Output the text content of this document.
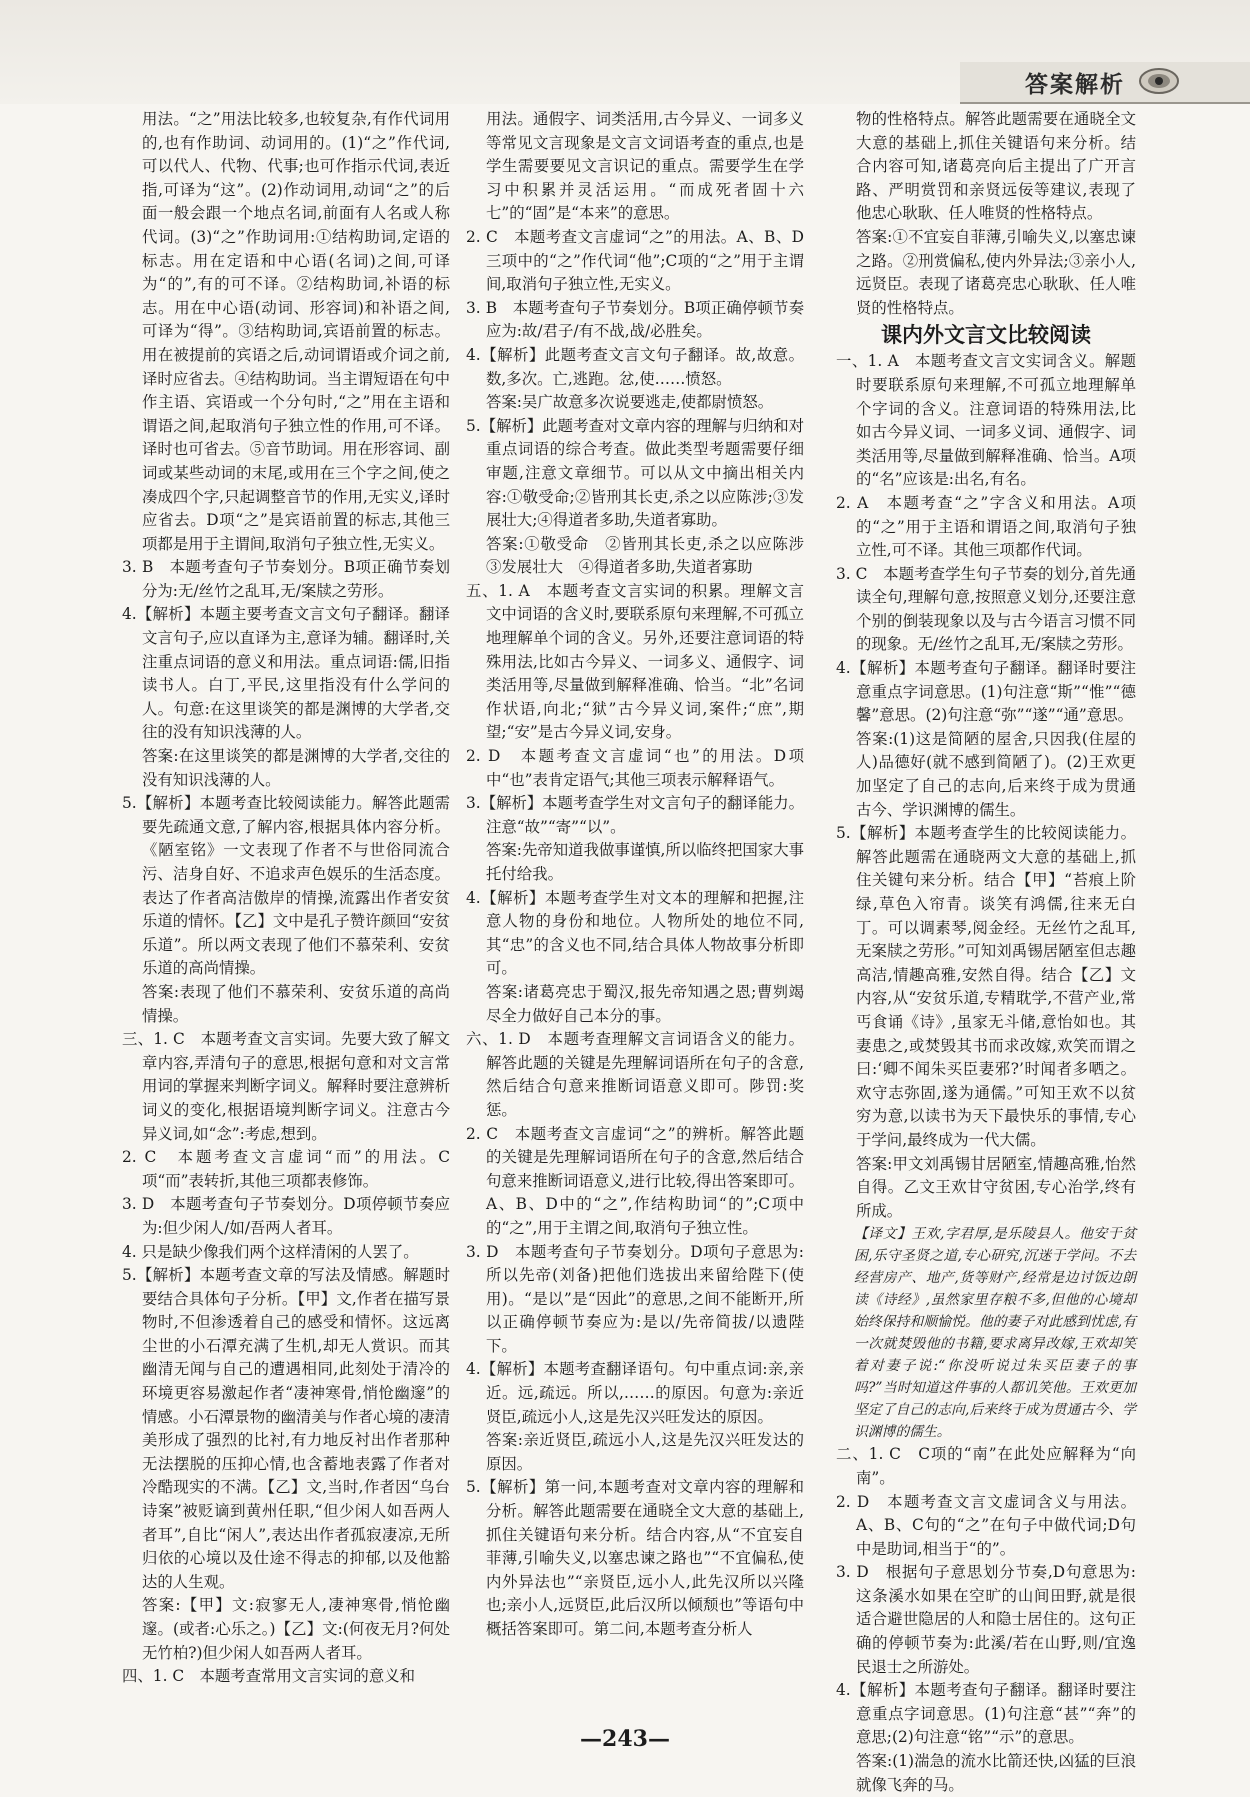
答案解析

用法。“之”用法比较多,也较复杂,有作代词用的,也有作助词、动词用的。(1)“之”作代词,可以代人、代物、代事;也可作指示代词,表近指,可译为“这”。(2)作动词用,动词“之”的后面一般会跟一个地点名词,前面有人名或人称代词。(3)“之”作助词用:①结构助词,定语的标志。用在定语和中心语(名词)之间,可译为“的”,有的可不译。②结构助词,补语的标志。用在中心语(动词、形容词)和补语之间,可译为“得”。③结构助词,宾语前置的标志。用在被提前的宾语之后,动词谓语或介词之前,译时应省去。④结构助词。当主谓短语在句中作主语、宾语或一个分句时,“之”用在主语和谓语之间,起取消句子独立性的作用,可不译。译时也可省去。⑤音节助词。用在形容词、副词或某些动词的末尾,或用在三个字之间,使之凑成四个字,只起调整音节的作用,无实义,译时应省去。D项“之”是宾语前置的标志,其他三项都是用于主谓间,取消句子独立性,无实义。

3. B　本题考查句子节奏划分。B项正确节奏划分为:无/丝竹之乱耳,无/案牍之劳形。

4.【解析】本题主要考查文言文句子翻译。翻译文言句子,应以直译为主,意译为辅。翻译时,关注重点词语的意义和用法。重点词语:儒,旧指读书人。白丁,平民,这里指没有什么学问的人。句意:在这里谈笑的都是渊博的大学者,交往的没有知识浅薄的人。

答案:在这里谈笑的都是渊博的大学者,交往的没有知识浅薄的人。

5.【解析】本题考查比较阅读能力。解答此题需要先疏通文意,了解内容,根据具体内容分析。《陋室铭》一文表现了作者不与世俗同流合污、洁身自好、不追求声色娱乐的生活态度。表达了作者高洁傲岸的情操,流露出作者安贫乐道的情怀。【乙】文中是孔子赞许颜回“安贫乐道”。所以两文表现了他们不慕荣利、安贫乐道的高尚情操。

答案:表现了他们不慕荣利、安贫乐道的高尚情操。

三、1. C　本题考查文言实词。先要大致了解文章内容,弄清句子的意思,根据句意和对文言常用词的掌握来判断字词义。解释时要注意辨析词义的变化,根据语境判断字词义。注意古今异义词,如“念”:考虑,想到。

2. C　本题考查文言虚词“而”的用法。C项“而”表转折,其他三项都表修饰。

3. D　本题考查句子节奏划分。D项停顿节奏应为:但少闲人/如/吾两人者耳。

4. 只是缺少像我们两个这样清闲的人罢了。

5.【解析】本题考查文章的写法及情感。解题时要结合具体句子分析。【甲】文,作者在描写景物时,不但渗透着自己的感受和情怀。这远离尘世的小石潭充满了生机,却无人赏识。而其幽清无闻与自己的遭遇相同,此刻处于清冷的环境更容易激起作者“凄神寒骨,悄怆幽邃”的情感。小石潭景物的幽清美与作者心境的凄清美形成了强烈的比衬,有力地反衬出作者那种无法摆脱的压抑心情,也含蓄地表露了作者对冷酷现实的不满。【乙】文,当时,作者因“乌台诗案”被贬谪到黄州任职,“但少闲人如吾两人者耳”,自比“闲人”,表达出作者孤寂凄凉,无所归依的心境以及仕途不得志的抑郁,以及他豁达的人生观。

答案:【甲】文:寂寥无人,凄神寒骨,悄怆幽邃。(或者:心乐之。)【乙】文:(何夜无月?何处无竹柏?)但少闲人如吾两人者耳。

四、1. C　本题考查常用文言实词的意义和

用法。通假字、词类活用,古今异义、一词多义等常见文言现象是文言文词语考查的重点,也是学生需要要见文言识记的重点。需要学生在学习中积累并灵活运用。“而成死者固十六七”的“固”是“本来”的意思。

2. C　本题考查文言虚词“之”的用法。A、B、D三项中的“之”作代词“他”;C项的“之”用于主谓间,取消句子独立性,无实义。

3. B　本题考查句子节奏划分。B项正确停顿节奏应为:故/君子/有不战,战/必胜矣。

4.【解析】此题考查文言文句子翻译。故,故意。数,多次。亡,逃跑。忿,使……愤怒。

答案:吴广故意多次说要逃走,使都尉愤怒。

5.【解析】此题考查对文章内容的理解与归纳和对重点词语的综合考查。做此类型考题需要仔细审题,注意文章细节。可以从文中摘出相关内容:①敬受命;②皆刑其长吏,杀之以应陈涉;③发展壮大;④得道者多助,失道者寡助。

答案:①敬受命　②皆刑其长吏,杀之以应陈涉　③发展壮大　④得道者多助,失道者寡助

五、1. A　本题考查文言实词的积累。理解文言文中词语的含义时,要联系原句来理解,不可孤立地理解单个词的含义。另外,还要注意词语的特殊用法,比如古今异义、一词多义、通假字、词类活用等,尽量做到解释准确、恰当。“北”名词作状语,向北;“狱”古今异义词,案件;“庶”,期望;“安”是古今异义词,安身。

2. D　本题考查文言虚词“也”的用法。D项中“也”表肯定语气;其他三项表示解释语气。

3.【解析】本题考查学生对文言句子的翻译能力。注意“故”“寄”“以”。

答案:先帝知道我做事谨慎,所以临终把国家大事托付给我。

4.【解析】本题考查学生对文本的理解和把握,注意人物的身份和地位。人物所处的地位不同,其“忠”的含义也不同,结合具体人物故事分析即可。

答案:诸葛亮忠于蜀汉,报先帝知遇之恩;曹刿竭尽全力做好自己本分的事。

六、1. D　本题考查理解文言词语含义的能力。解答此题的关键是先理解词语所在句子的含意,然后结合句意来推断词语意义即可。陟罚:奖惩。

2. C　本题考查文言虚词“之”的辨析。解答此题的关键是先理解词语所在句子的含意,然后结合句意来推断词语意义,进行比较,得出答案即可。A、B、D中的“之”,作结构助词“的”;C项中的“之”,用于主谓之间,取消句子独立性。

3. D　本题考查句子节奏划分。D项句子意思为:所以先帝(刘备)把他们选拔出来留给陛下(使用)。“是以”是“因此”的意思,之间不能断开,所以正确停顿节奏应为:是以/先帝简拔/以遗陛下。

4.【解析】本题考查翻译语句。句中重点词:亲,亲近。远,疏远。所以,……的原因。句意为:亲近贤臣,疏远小人,这是先汉兴旺发达的原因。

答案:亲近贤臣,疏远小人,这是先汉兴旺发达的原因。

5.【解析】第一问,本题考查对文章内容的理解和分析。解答此题需要在通晓全文大意的基础上,抓住关键语句来分析。结合内容,从“不宜妄自菲薄,引喻失义,以塞忠谏之路也”“不宜偏私,使内外异法也”“亲贤臣,远小人,此先汉所以兴隆也;亲小人,远贤臣,此后汉所以倾颓也”等语句中概括答案即可。第二问,本题考查分析人

物的性格特点。解答此题需要在通晓全文大意的基础上,抓住关键语句来分析。结合内容可知,诸葛亮向后主提出了广开言路、严明赏罚和亲贤远佞等建议,表现了他忠心耿耿、任人唯贤的性格特点。

答案:①不宜妄自菲薄,引喻失义,以塞忠谏之路。②刑赏偏私,使内外异法;③亲小人,远贤臣。表现了诸葛亮忠心耿耿、任人唯贤的性格特点。

课内外文言文比较阅读

一、1. A　本题考查文言文实词含义。解题时要联系原句来理解,不可孤立地理解单个字词的含义。注意词语的特殊用法,比如古今异义词、一词多义词、通假字、词类活用等,尽量做到解释准确、恰当。A项的“名”应该是:出名,有名。

2. A　本题考查“之”字含义和用法。A项的“之”用于主语和谓语之间,取消句子独立性,可不译。其他三项都作代词。

3. C　本题考查学生句子节奏的划分,首先通读全句,理解句意,按照意义划分,还要注意个别的倒装现象以及与古今语言习惯不同的现象。无/丝竹之乱耳,无/案牍之劳形。

4.【解析】本题考查句子翻译。翻译时要注意重点字词意思。(1)句注意“斯”“惟”“德馨”意思。(2)句注意“弥”“遂”“通”意思。

答案:(1)这是简陋的屋舍,只因我(住屋的人)品德好(就不感到简陋了)。(2)王欢更加坚定了自己的志向,后来终于成为贯通古今、学识渊博的儒生。

5.【解析】本题考查学生的比较阅读能力。解答此题需在通晓两文大意的基础上,抓住关键句来分析。结合【甲】“苔痕上阶绿,草色入帘青。谈笑有鸿儒,往来无白丁。可以调素琴,阅金经。无丝竹之乱耳,无案牍之劳形。”可知刘禹锡居陋室但志趣高洁,情趣高雅,安然自得。结合【乙】文内容,从“安贫乐道,专精耽学,不营产业,常丐食诵《诗》,虽家无斗储,意怡如也。其妻患之,或焚毁其书而求改嫁,欢笑而谓之曰:‘卿不闻朱买臣妻邪?’时闻者多哂之。欢守志弥固,遂为通儒。”可知王欢不以贫穷为意,以读书为天下最快乐的事情,专心于学问,最终成为一代大儒。

答案:甲文刘禹锡甘居陋室,情趣高雅,怡然自得。乙文王欢甘守贫困,专心治学,终有所成。

【译文】王欢,字君厚,是乐陵县人。他安于贫困,乐守圣贤之道,专心研究,沉迷于学问。不去经营房产、地产,货等财产,经常是边讨饭边朗读《诗经》,虽然家里存粮不多,但他的心境却始终保持和顺愉悦。他的妻子对此感到忧虑,有一次就焚毁他的书籍,要求离异改嫁,王欢却笑着对妻子说:“你没听说过朱买臣妻子的事吗?”当时知道这件事的人都讥笑他。王欢更加坚定了自己的志向,后来终于成为贯通古今、学识渊博的儒生。

二、1. C　C项的“南”在此处应解释为“向南”。

2. D　本题考查文言文虚词含义与用法。A、B、C句的“之”在句子中做代词;D句中是助词,相当于“的”。

3. D　根据句子意思划分节奏,D句意思为:这条溪水如果在空旷的山间田野,就是很适合避世隐居的人和隐士居住的。这句正确的停顿节奏为:此溪/若在山野,则/宜逸民退士之所游处。

4.【解析】本题考查句子翻译。翻译时要注意重点字词意思。(1)句注意“甚”“奔”的意思;(2)句注意“铭”“示”的意思。

答案:(1)湍急的流水比箭还快,凶猛的巨浪就像飞奔的马。

—243—
